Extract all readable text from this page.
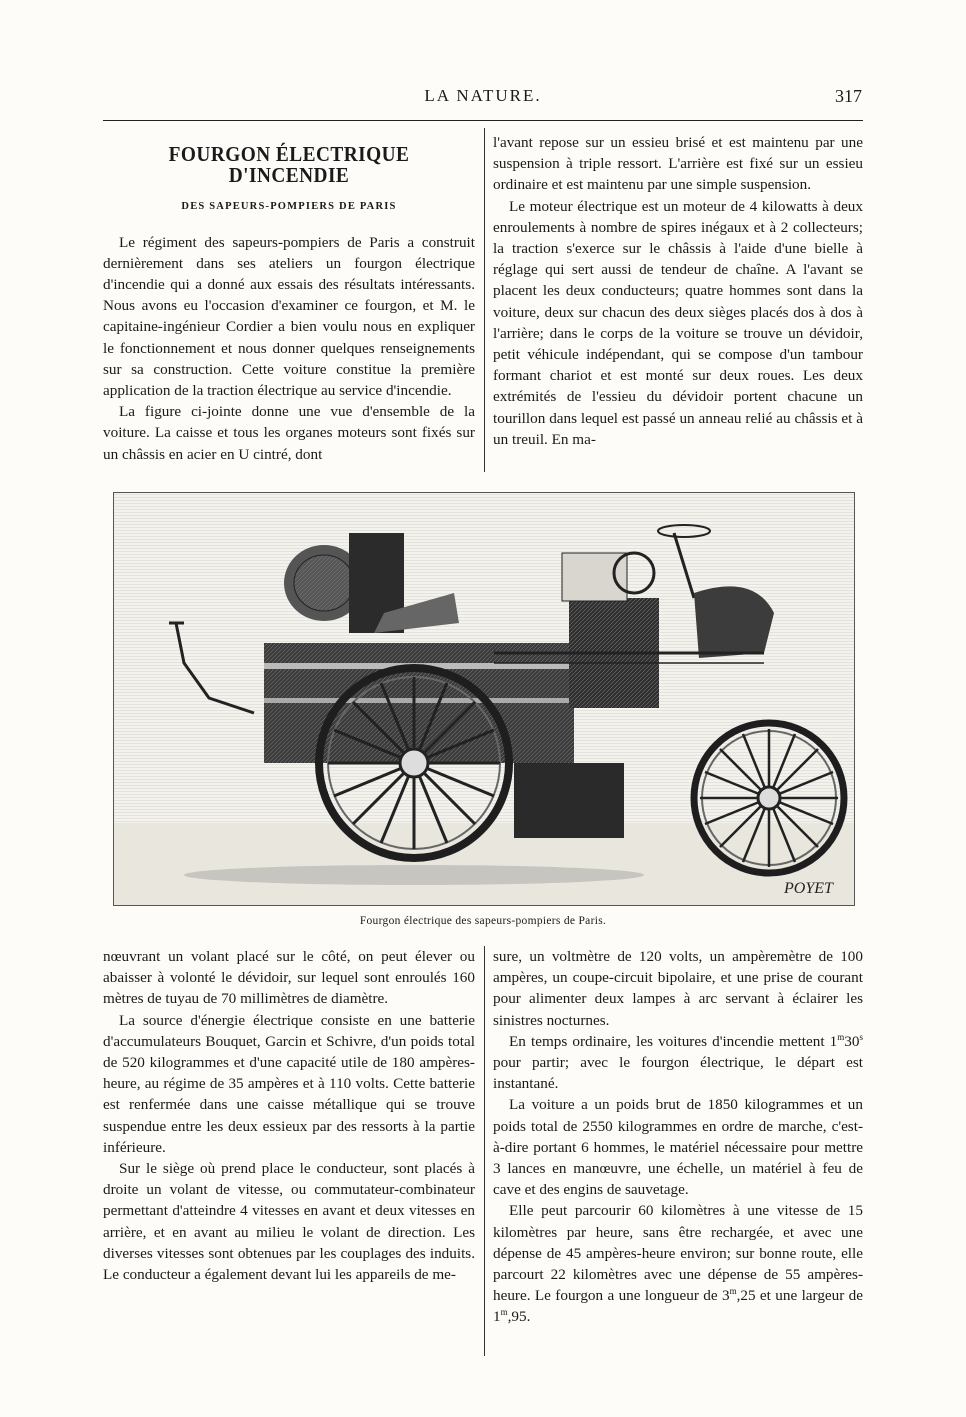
LA NATURE.	317
FOURGON ÉLECTRIQUE D'INCENDIE
DES SAPEURS-POMPIERS DE PARIS

Le régiment des sapeurs-pompiers de Paris a construit dernièrement dans ses ateliers un fourgon électrique d'incendie qui a donné aux essais des résultats intéressants. Nous avons eu l'occasion d'examiner ce fourgon, et M. le capitaine-ingénieur Cordier a bien voulu nous en expliquer le fonctionnement et nous donner quelques renseignements sur sa construction. Cette voiture constitue la première application de la traction électrique au service d'incendie.

La figure ci-jointe donne une vue d'ensemble de la voiture. La caisse et tous les organes moteurs sont fixés sur un châssis en acier en U cintré, dont

l'avant repose sur un essieu brisé et est maintenu par une suspension à triple ressort. L'arrière est fixé sur un essieu ordinaire et est maintenu par une simple suspension.

Le moteur électrique est un moteur de 4 kilowatts à deux enroulements à nombre de spires inégaux et à 2 collecteurs; la traction s'exerce sur le châssis à l'aide d'une bielle à réglage qui sert aussi de tendeur de chaîne. A l'avant se placent les deux conducteurs; quatre hommes sont dans la voiture, deux sur chacun des deux sièges placés dos à dos à l'arrière; dans le corps de la voiture se trouve un dévidoir, petit véhicule indépendant, qui se compose d'un tambour formant chariot et est monté sur deux roues. Les deux extrémités de l'essieu du dévidoir portent chacune un tourillon dans lequel est passé un anneau relié au châssis et à un treuil. En ma-

POYET
Fourgon électrique des sapeurs-pompiers de Paris.

nœuvrant un volant placé sur le côté, on peut élever ou abaisser à volonté le dévidoir, sur lequel sont enroulés 160 mètres de tuyau de 70 millimètres de diamètre.

La source d'énergie électrique consiste en une batterie d'accumulateurs Bouquet, Garcin et Schivre, d'un poids total de 520 kilogrammes et d'une capacité utile de 180 ampères-heure, au régime de 35 ampères et à 110 volts. Cette batterie est renfermée dans une caisse métallique qui se trouve suspendue entre les deux essieux par des ressorts à la partie inférieure.

Sur le siège où prend place le conducteur, sont placés à droite un volant de vitesse, ou commutateur-combinateur permettant d'atteindre 4 vitesses en avant et deux vitesses en arrière, et en avant au milieu le volant de direction. Les diverses vitesses sont obtenues par les couplages des induits. Le conducteur a également devant lui les appareils de me-

sure, un voltmètre de 120 volts, un ampèremètre de 100 ampères, un coupe-circuit bipolaire, et une prise de courant pour alimenter deux lampes à arc servant à éclairer les sinistres nocturnes.

En temps ordinaire, les voitures d'incendie mettent 1$^m$30$^s$ pour partir; avec le fourgon électrique, le départ est instantané.

La voiture a un poids brut de 1850 kilogrammes et un poids total de 2550 kilogrammes en ordre de marche, c'est-à-dire portant 6 hommes, le matériel nécessaire pour mettre 3 lances en manœuvre, une échelle, un matériel à feu de cave et des engins de sauvetage.

Elle peut parcourir 60 kilomètres à une vitesse de 15 kilomètres par heure, sans être rechargée, et avec une dépense de 45 ampères-heure environ; sur bonne route, elle parcourt 22 kilomètres avec une dépense de 55 ampères-heure. Le fourgon a une longueur de 3$^m$,25 et une largeur de 1$^m$,95.
